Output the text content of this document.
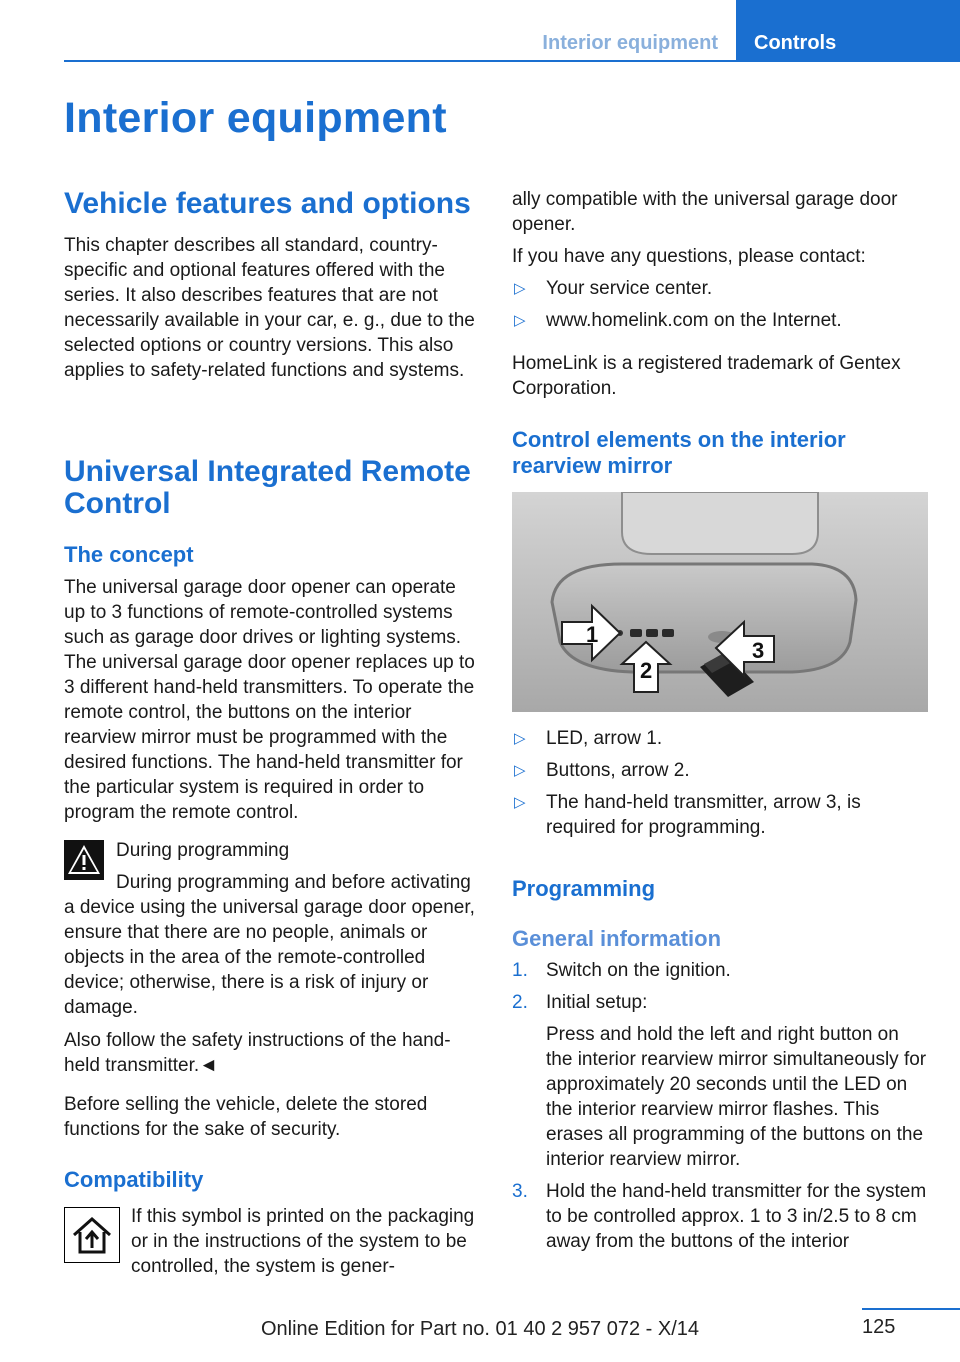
Interior equipment	Controls
Interior equipment
Vehicle features and options

This chapter describes all standard, country-specific and optional features offered with the series. It also describes features that are not necessarily available in your car, e. g., due to the selected options or country versions. This also applies to safety-related functions and systems.

Universal Integrated Remote Control
The concept

The universal garage door opener can operate up to 3 functions of remote-controlled systems such as garage door drives or lighting systems. The universal garage door opener replaces up to 3 different hand-held transmitters. To operate the remote control, the buttons on the interior rearview mirror must be programmed with the desired functions. The hand-held transmitter for the particular system is required in order to program the remote control.

During programming

During programming and before activating a device using the universal garage door opener, ensure that there are no people, animals or objects in the area of the remote-controlled device; otherwise, there is a risk of injury or damage.

Also follow the safety instructions of the hand-held transmitter.◄

Before selling the vehicle, delete the stored functions for the sake of security.

Compatibility

If this symbol is printed on the packaging or in the instructions of the system to be controlled, the system is gener-

ally compatible with the universal garage door opener.

If you have any questions, please contact:

▷ Your service center.
▷ www.homelink.com on the Internet.

HomeLink is a registered trademark of Gentex Corporation.

Control elements on the interior rearview mirror
1
2
3
▷ LED, arrow 1.
▷ Buttons, arrow 2.
▷ The hand-held transmitter, arrow 3, is required for programming.
Programming
General information
1. Switch on the ignition.
2. Initial setup:

Press and hold the left and right button on the interior rearview mirror simultaneously for approximately 20 seconds until the LED on the interior rearview mirror flashes. This erases all programming of the buttons on the interior rearview mirror.

3. Hold the hand-held transmitter for the system to be controlled approx. 1 to 3 in/2.5 to 8 cm away from the buttons of the interior
125
Online Edition for Part no. 01 40 2 957 072 - X/14
